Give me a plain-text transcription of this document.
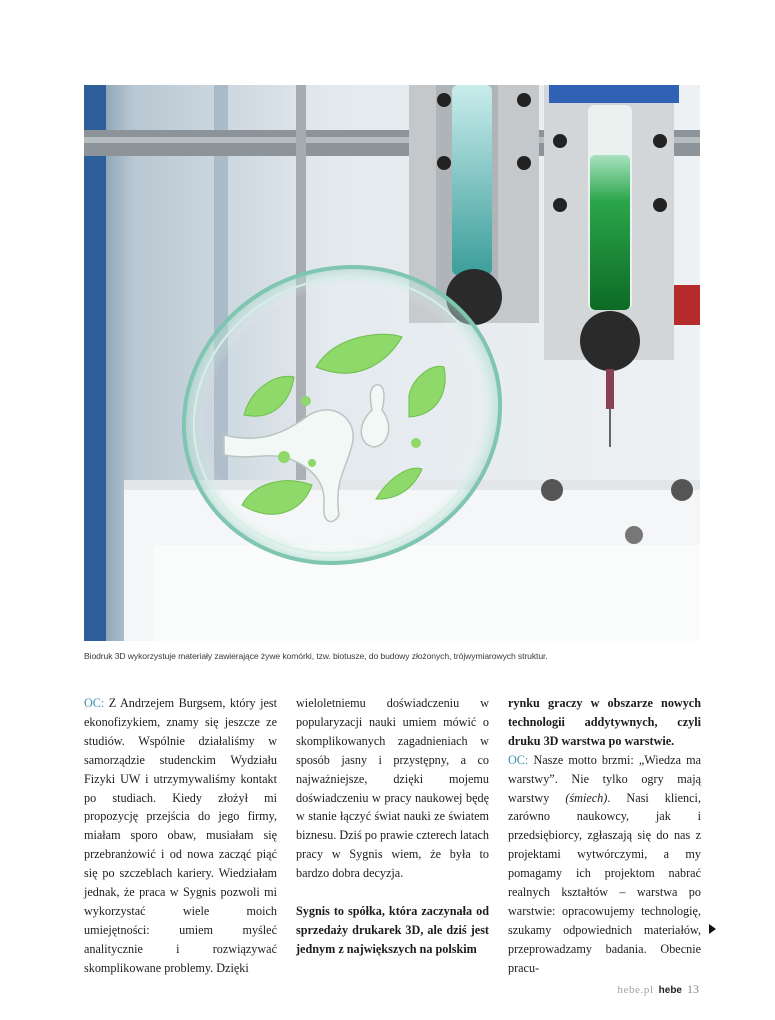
Biodruk 3D wykorzystuje materiały zawierające żywe komórki, tzw. biotusze, do budowy złożonych, trójwymiarowych struktur.

OC: Z Andrzejem Burgsem, który jest ekonofizykiem, znamy się jeszcze ze studiów. Wspólnie działaliśmy w samorządzie studenckim Wydziału Fizyki UW i utrzymywaliśmy kontakt po studiach. Kiedy złożył mi propozycję przejścia do jego firmy, miałam sporo obaw, musiałam się przebranżowić i od nowa zacząć piąć się po szczeblach kariery. Wiedziałam jednak, że praca w Sygnis pozwoli mi wykorzystać wiele moich umiejętności: umiem myśleć analitycznie i rozwiązywać skomplikowane problemy. Dzięki

wieloletniemu doświadczeniu w popularyzacji nauki umiem mówić o skomplikowanych zagadnieniach w sposób jasny i przystępny, a co najważniejsze, dzięki mojemu doświadczeniu w pracy naukowej będę w stanie łączyć świat nauki ze światem biznesu. Dziś po prawie czterech latach pracy w Sygnis wiem, że była to bardzo dobra decyzja.

Sygnis to spółka, która zaczynała od sprzedaży drukarek 3D, ale dziś jest jednym z największych na polskim

rynku graczy w obszarze nowych technologii addytywnych, czyli druku 3D warstwa po warstwie.

OC: Nasze motto brzmi: „Wiedza ma warstwy”. Nie tylko ogry mają warstwy (śmiech). Nasi klienci, zarówno naukowcy, jak i przedsiębiorcy, zgłaszają się do nas z projektami wytwórczymi, a my pomagamy ich projektom nabrać realnych kształtów – warstwa po warstwie: opracowujemy technologię, szukamy odpowiednich materiałów, przeprowadzamy badania. Obecnie pracu-

hebe.pl hebe 13
